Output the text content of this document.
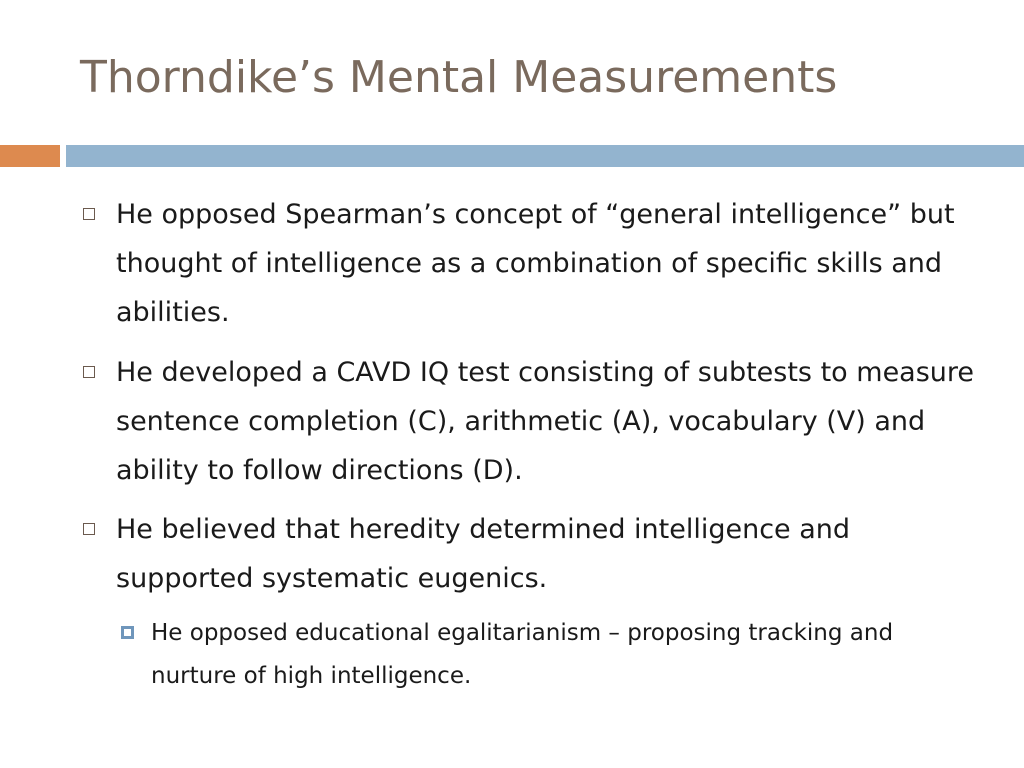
Thorndike’s Mental Measurements
He opposed Spearman’s concept of “general intelligence” but thought of intelligence as a combination of specific skills and abilities.
He developed a CAVD IQ test consisting of subtests to measure sentence completion (C), arithmetic (A), vocabulary (V) and ability to follow directions (D).
He believed that heredity determined intelligence and supported systematic eugenics.
He opposed educational egalitarianism – proposing tracking and nurture of high intelligence.
